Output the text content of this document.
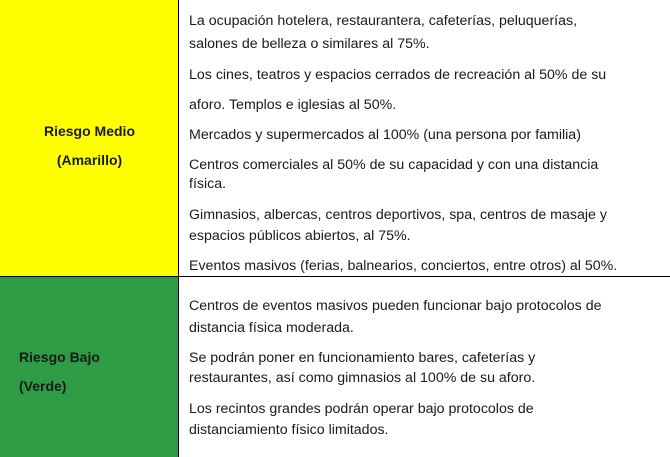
Riesgo Medio
(Amarillo)
La ocupación hotelera, restaurantera, cafeterías, peluquerías,
salones de belleza o similares al 75%.
Los cines, teatros y espacios cerrados de recreación al 50% de su
aforo. Templos e iglesias al 50%.
Mercados y supermercados al 100% (una persona por familia)
Centros comerciales al 50% de su capacidad y con una distancia
física.
Gimnasios, albercas, centros deportivos, spa, centros de masaje y
espacios públicos abiertos, al 75%.
Eventos masivos (ferias, balnearios, conciertos, entre otros) al 50%.
Riesgo Bajo
(Verde)
Centros de eventos masivos pueden funcionar bajo protocolos de
distancia física moderada.
Se podrán poner en funcionamiento bares, cafeterías y
restaurantes, así como gimnasios al 100% de su aforo.
Los recintos grandes podrán operar bajo protocolos de
distanciamiento físico limitados.
